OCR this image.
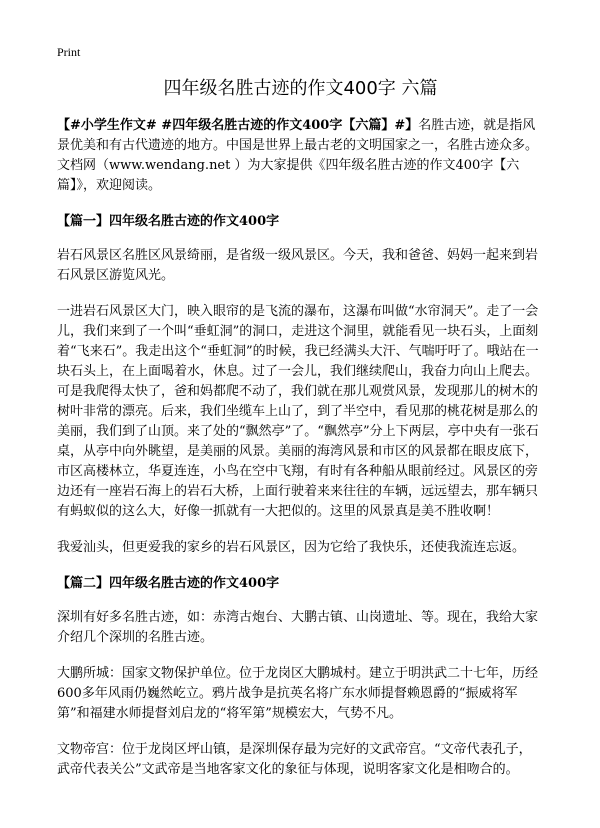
Print
四年级名胜古迹的作文400字 六篇

【#小学生作文# #四年级名胜古迹的作文400字【六篇】#】名胜古迹，就是指风景优美和有古代遗迹的地方。中国是世界上最古老的文明国家之一，名胜古迹众多。文档网（www.wendang.net ）为大家提供《四年级名胜古迹的作文400字【六篇】》，欢迎阅读。

【篇一】四年级名胜古迹的作文400字

岩石风景区名胜区风景绮丽，是省级一级风景区。今天，我和爸爸、妈妈一起来到岩石风景区游览风光。

一进岩石风景区大门，映入眼帘的是飞流的瀑布，这瀑布叫做“水帘洞天”。走了一会儿，我们来到了一个叫“垂虹洞”的洞口，走进这个洞里，就能看见一块石头，上面刻着“飞来石”。我走出这个“垂虹洞”的时候，我已经满头大汗、气喘吁吁了。哦站在一块石头上，在上面喝着水，休息。过了一会儿，我们继续爬山，我奋力向山上爬去。可是我爬得太快了，爸和妈都爬不动了，我们就在那儿观赏风景，发现那儿的树木的树叶非常的漂亮。后来，我们坐缆车上山了，到了半空中，看见那的桃花树是那么的美丽，我们到了山顶。来了处的“飘然亭”了。“飘然亭”分上下两层，亭中央有一张石桌，从亭中向外眺望，是美丽的风景。美丽的海湾风景和市区的风景都在眼皮底下，市区高楼林立，华夏连连，小鸟在空中飞翔，有时有各种船从眼前经过。风景区的旁边还有一座岩石海上的岩石大桥，上面行驶着来来往往的车辆，远远望去，那车辆只有蚂蚁似的这么大，好像一抓就有一大把似的。这里的风景真是美不胜收啊！

我爱汕头，但更爱我的家乡的岩石风景区，因为它给了我快乐，还使我流连忘返。

【篇二】四年级名胜古迹的作文400字

深圳有好多名胜古迹，如：赤湾古炮台、大鹏古镇、山岗遗址、等。现在，我给大家介绍几个深圳的名胜古迹。

大鹏所城：国家文物保护单位。位于龙岗区大鹏城村。建立于明洪武二十七年，历经600多年风雨仍巍然屹立。鸦片战争是抗英名将广东水师提督赖恩爵的“振威将军第”和福建水师提督刘启龙的“将军第”规模宏大，气势不凡。

文物帝宫：位于龙岗区坪山镇，是深圳保存最为完好的文武帝宫。“文帝代表孔子，武帝代表关公”文武帝是当地客家文化的象征与体现，说明客家文化是相吻合的。
